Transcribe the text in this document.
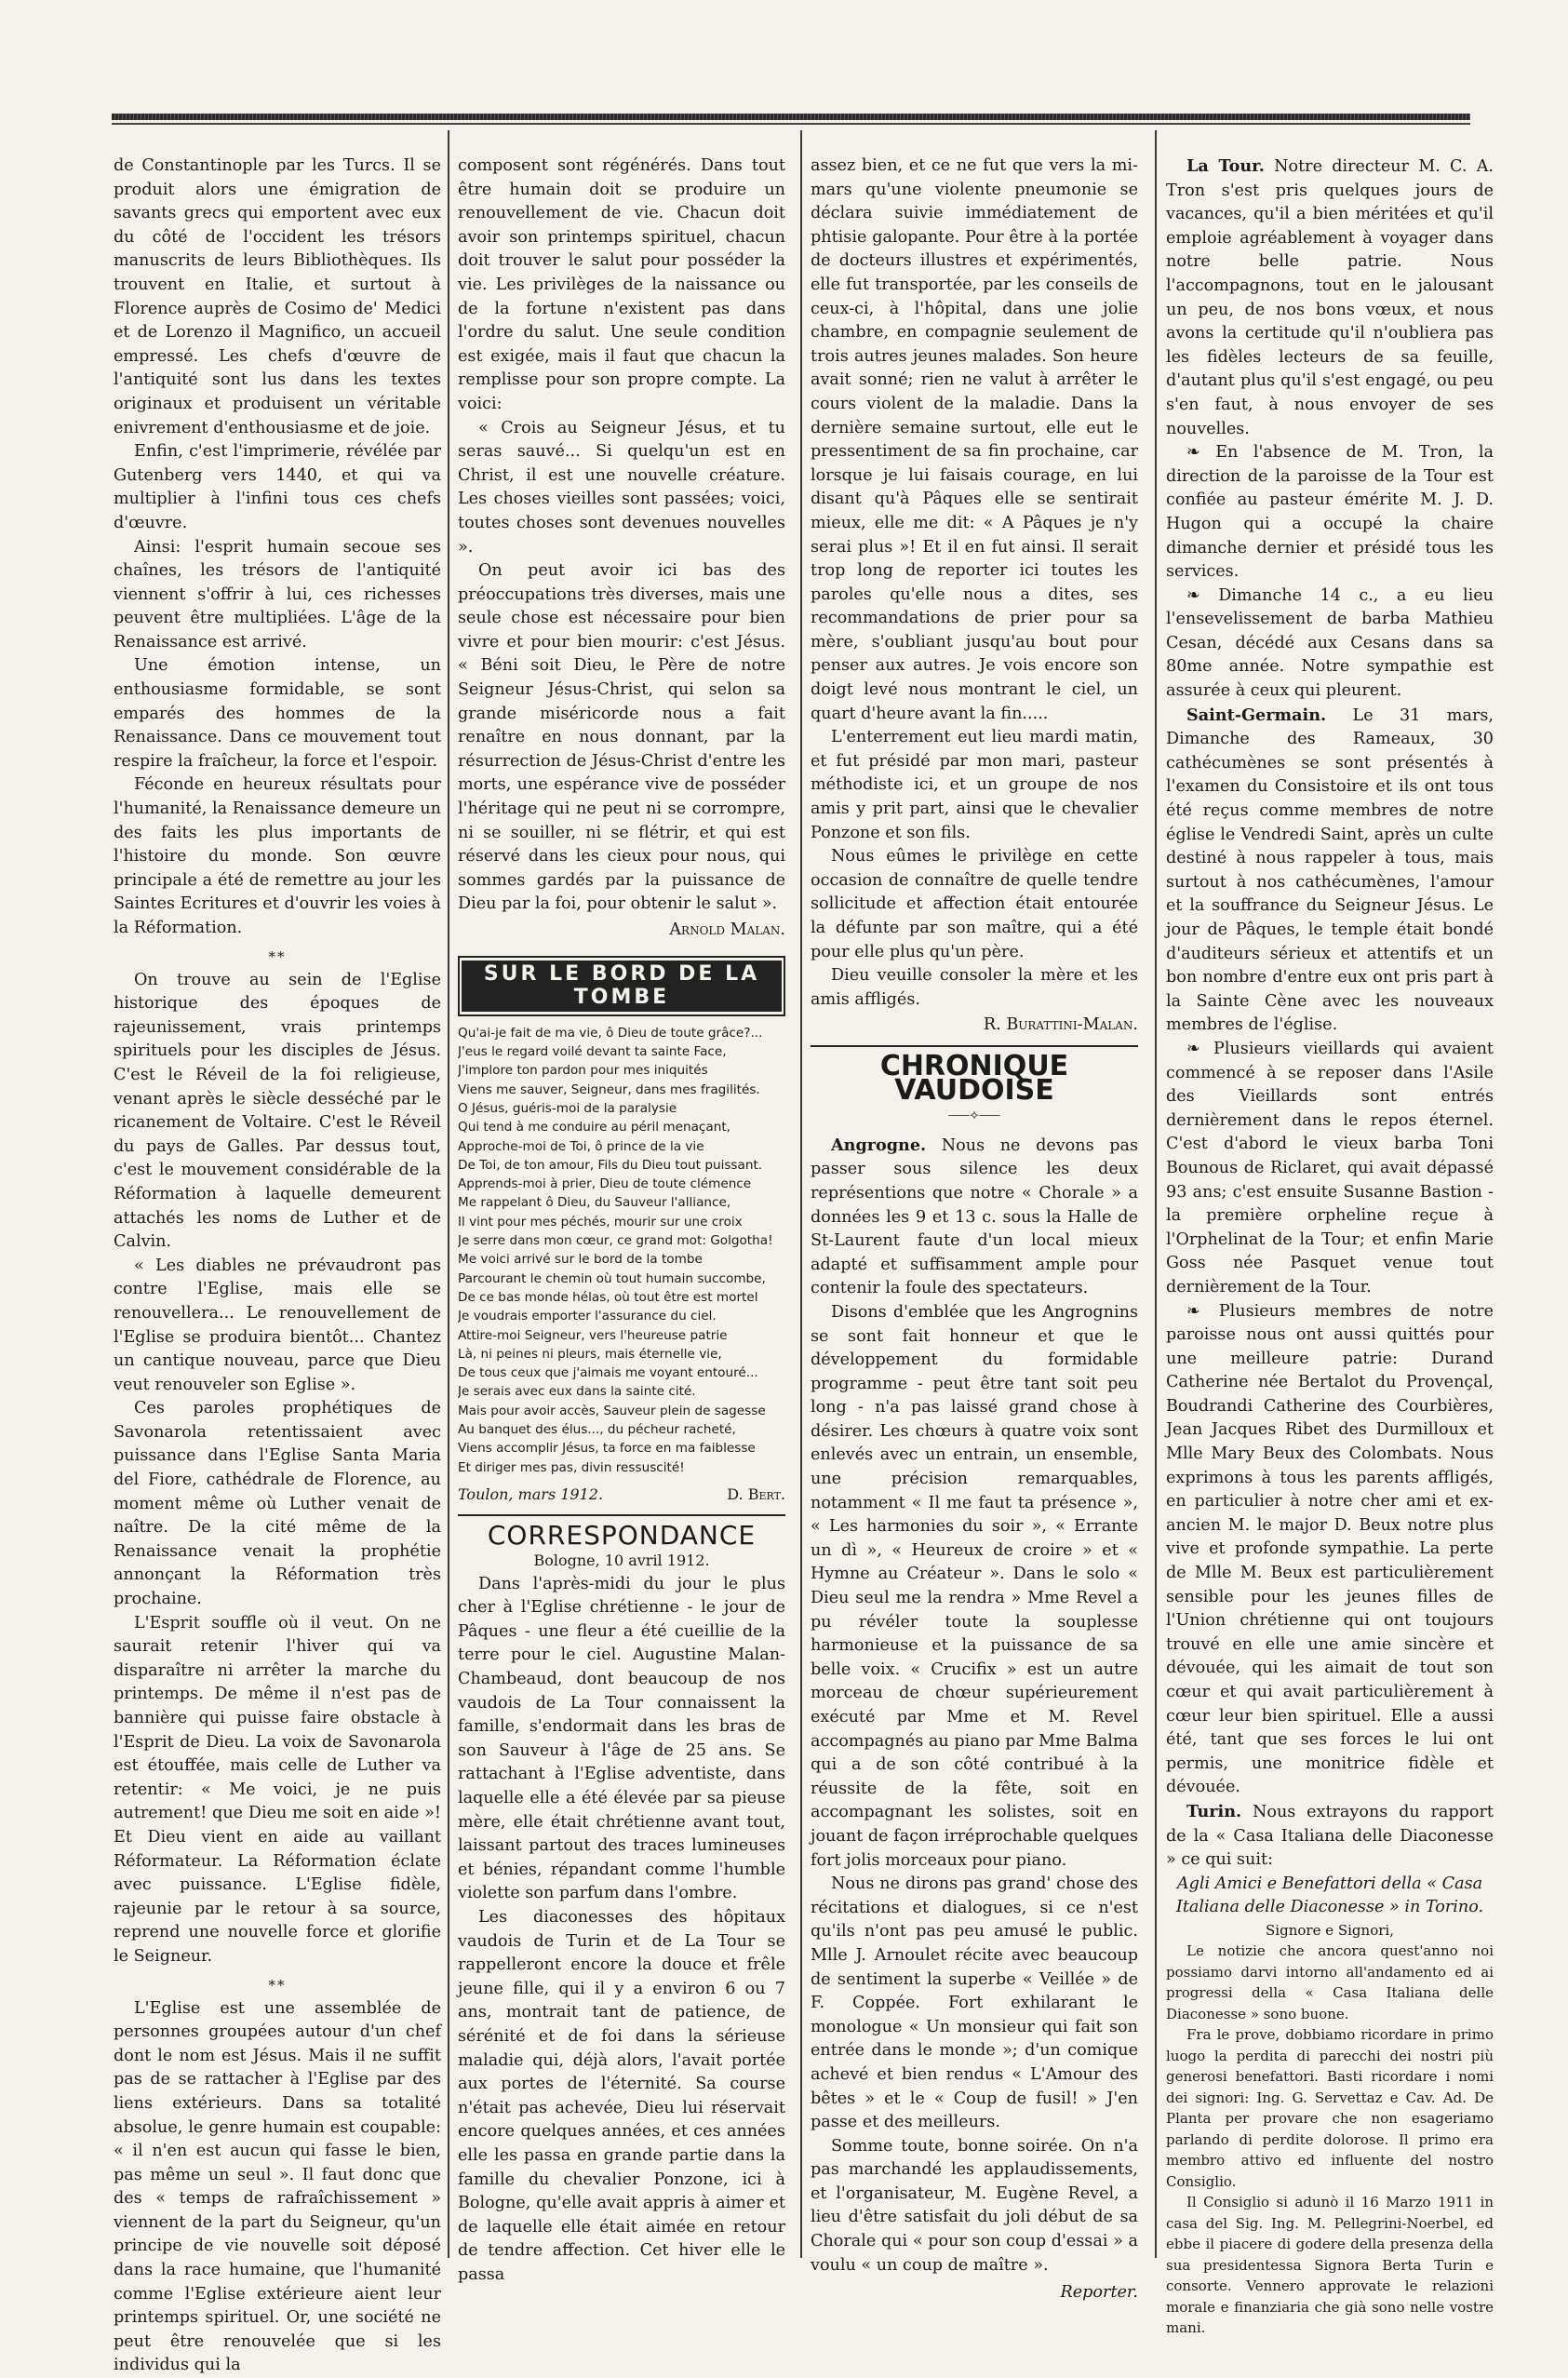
de Constantinople par les Turcs. Il se produit alors une émigration de savants grecs qui emportent avec eux du côté de l'occident les trésors manuscrits de leurs Bibliothèques. Ils trouvent en Italie, et surtout à Florence auprès de Cosimo de' Medici et de Lorenzo il Magnifico, un accueil empressé. Les chefs d'œuvre de l'antiquité sont lus dans les textes originaux et produisent un véritable enivrement d'enthousiasme et de joie.

Enfin, c'est l'imprimerie, révélée par Gutenberg vers 1440, et qui va multiplier à l'infini tous ces chefs d'œuvre.

Ainsi: l'esprit humain secoue ses chaînes, les trésors de l'antiquité viennent s'offrir à lui, ces richesses peuvent être multipliées. L'âge de la Renaissance est arrivé.

Une émotion intense, un enthousiasme formidable, se sont emparés des hommes de la Renaissance. Dans ce mouvement tout respire la fraîcheur, la force et l'espoir.

Féconde en heureux résultats pour l'humanité, la Renaissance demeure un des faits les plus importants de l'histoire du monde. Son œuvre principale a été de remettre au jour les Saintes Ecritures et d'ouvrir les voies à la Réformation.

**

On trouve au sein de l'Eglise historique des époques de rajeunissement, vrais printemps spirituels pour les disciples de Jésus. C'est le Réveil de la foi religieuse, venant après le siècle desséché par le ricanement de Voltaire. C'est le Réveil du pays de Galles. Par dessus tout, c'est le mouvement considérable de la Réformation à laquelle demeurent attachés les noms de Luther et de Calvin.

« Les diables ne prévaudront pas contre l'Eglise, mais elle se renouvellera... Le renouvellement de l'Eglise se produira bientôt... Chantez un cantique nouveau, parce que Dieu veut renouveler son Eglise ».

Ces paroles prophétiques de Savonarola retentissaient avec puissance dans l'Eglise Santa Maria del Fiore, cathédrale de Florence, au moment même où Luther venait de naître. De la cité même de la Renaissance venait la prophétie annonçant la Réformation très prochaine.

L'Esprit souffle où il veut. On ne saurait retenir l'hiver qui va disparaître ni arrêter la marche du printemps. De même il n'est pas de bannière qui puisse faire obstacle à l'Esprit de Dieu. La voix de Savonarola est étouffée, mais celle de Luther va retentir: « Me voici, je ne puis autrement! que Dieu me soit en aide »! Et Dieu vient en aide au vaillant Réformateur. La Réformation éclate avec puissance. L'Eglise fidèle, rajeunie par le retour à sa source, reprend une nouvelle force et glorifie le Seigneur.

**

L'Eglise est une assemblée de personnes groupées autour d'un chef dont le nom est Jésus. Mais il ne suffit pas de se rattacher à l'Eglise par des liens extérieurs. Dans sa totalité absolue, le genre humain est coupable: « il n'en est aucun qui fasse le bien, pas même un seul ». Il faut donc que des « temps de rafraîchissement » viennent de la part du Seigneur, qu'un principe de vie nouvelle soit déposé dans la race humaine, que l'humanité comme l'Eglise extérieure aient leur printemps spirituel. Or, une société ne peut être renouvelée que si les individus qui la

composent sont régénérés. Dans tout être humain doit se produire un renouvellement de vie. Chacun doit avoir son printemps spirituel, chacun doit trouver le salut pour posséder la vie. Les privilèges de la naissance ou de la fortune n'existent pas dans l'ordre du salut. Une seule condition est exigée, mais il faut que chacun la remplisse pour son propre compte. La voici:

« Crois au Seigneur Jésus, et tu seras sauvé... Si quelqu'un est en Christ, il est une nouvelle créature. Les choses vieilles sont passées; voici, toutes choses sont devenues nouvelles ».

On peut avoir ici bas des préoccupations très diverses, mais une seule chose est nécessaire pour bien vivre et pour bien mourir: c'est Jésus. « Béni soit Dieu, le Père de notre Seigneur Jésus-Christ, qui selon sa grande miséricorde nous a fait renaître en nous donnant, par la résurrection de Jésus-Christ d'entre les morts, une espérance vive de posséder l'héritage qui ne peut ni se corrompre, ni se souiller, ni se flétrir, et qui est réservé dans les cieux pour nous, qui sommes gardés par la puissance de Dieu par la foi, pour obtenir le salut ».

Arnold Malan.
SUR LE BORD DE LA TOMBE
Qu'ai-je fait de ma vie, ô Dieu de toute grâce?...
J'eus le regard voilé devant ta sainte Face,
J'implore ton pardon pour mes iniquités
Viens me sauver, Seigneur, dans mes fragilités.
O Jésus, guéris-moi de la paralysie
Qui tend à me conduire au péril menaçant,
Approche-moi de Toi, ô prince de la vie
De Toi, de ton amour, Fils du Dieu tout puissant.
Apprends-moi à prier, Dieu de toute clémence
Me rappelant ô Dieu, du Sauveur l'alliance,
Il vint pour mes péchés, mourir sur une croix
Je serre dans mon cœur, ce grand mot: Golgotha!
Me voici arrivé sur le bord de la tombe
Parcourant le chemin où tout humain succombe,
De ce bas monde hélas, où tout être est mortel
Je voudrais emporter l'assurance du ciel.
Attire-moi Seigneur, vers l'heureuse patrie
Là, ni peines ni pleurs, mais éternelle vie,
De tous ceux que j'aimais me voyant entouré...
Je serais avec eux dans la sainte cité.
Mais pour avoir accès, Sauveur plein de sagesse
Au banquet des élus..., du pécheur racheté,
Viens accomplir Jésus, ta force en ma faiblesse
Et diriger mes pas, divin ressuscité!
Toulon, mars 1912.	D. Bert.
CORRESPONDANCE
Bologne, 10 avril 1912.

Dans l'après-midi du jour le plus cher à l'Eglise chrétienne - le jour de Pâques - une fleur a été cueillie de la terre pour le ciel. Augustine Malan-Chambeaud, dont beaucoup de nos vaudois de La Tour connaissent la famille, s'endormait dans les bras de son Sauveur à l'âge de 25 ans. Se rattachant à l'Eglise adventiste, dans laquelle elle a été élevée par sa pieuse mère, elle était chrétienne avant tout, laissant partout des traces lumineuses et bénies, répandant comme l'humble violette son parfum dans l'ombre.

Les diaconesses des hôpitaux vaudois de Turin et de La Tour se rappelleront encore la douce et frêle jeune fille, qui il y a environ 6 ou 7 ans, montrait tant de patience, de sérénité et de foi dans la sérieuse maladie qui, déjà alors, l'avait portée aux portes de l'éternité. Sa course n'était pas achevée, Dieu lui réservait encore quelques années, et ces années elle les passa en grande partie dans la famille du chevalier Ponzone, ici à Bologne, qu'elle avait appris à aimer et de laquelle elle était aimée en retour de tendre affection. Cet hiver elle le passa

assez bien, et ce ne fut que vers la mi-mars qu'une violente pneumonie se déclara suivie immédiatement de phtisie galopante. Pour être à la portée de docteurs illustres et expérimentés, elle fut transportée, par les conseils de ceux-ci, à l'hôpital, dans une jolie chambre, en compagnie seulement de trois autres jeunes malades. Son heure avait sonné; rien ne valut à arrêter le cours violent de la maladie. Dans la dernière semaine surtout, elle eut le pressentiment de sa fin prochaine, car lorsque je lui faisais courage, en lui disant qu'à Pâques elle se sentirait mieux, elle me dit: « A Pâques je n'y serai plus »! Et il en fut ainsi. Il serait trop long de reporter ici toutes les paroles qu'elle nous a dites, ses recommandations de prier pour sa mère, s'oubliant jusqu'au bout pour penser aux autres. Je vois encore son doigt levé nous montrant le ciel, un quart d'heure avant la fin.....

L'enterrement eut lieu mardi matin, et fut présidé par mon mari, pasteur méthodiste ici, et un groupe de nos amis y prit part, ainsi que le chevalier Ponzone et son fils.

Nous eûmes le privilège en cette occasion de connaître de quelle tendre sollicitude et affection était entourée la défunte par son maître, qui a été pour elle plus qu'un père.

Dieu veuille consoler la mère et les amis affligés.

R. Burattini-Malan.
CHRONIQUE VAUDOISE
⸺⟡⸺

Angrogne. Nous ne devons pas passer sous silence les deux représentions que notre « Chorale » a données les 9 et 13 c. sous la Halle de St-Laurent faute d'un local mieux adapté et suffisamment ample pour contenir la foule des spectateurs.

Disons d'emblée que les Angrognins se sont fait honneur et que le développement du formidable programme - peut être tant soit peu long - n'a pas laissé grand chose à désirer. Les chœurs à quatre voix sont enlevés avec un entrain, un ensemble, une précision remarquables, notamment « Il me faut ta présence », « Les harmonies du soir », « Errante un dì », « Heureux de croire » et « Hymne au Créateur ». Dans le solo « Dieu seul me la rendra » Mme Revel a pu révéler toute la souplesse harmonieuse et la puissance de sa belle voix. « Crucifix » est un autre morceau de chœur supérieurement exécuté par Mme et M. Revel accompagnés au piano par Mme Balma qui a de son côté contribué à la réussite de la fête, soit en accompagnant les solistes, soit en jouant de façon irréprochable quelques fort jolis morceaux pour piano.

Nous ne dirons pas grand' chose des récitations et dialogues, si ce n'est qu'ils n'ont pas peu amusé le public. Mlle J. Arnoulet récite avec beaucoup de sentiment la superbe « Veillée » de F. Coppée. Fort exhilarant le monologue « Un monsieur qui fait son entrée dans le monde »; d'un comique achevé et bien rendus « L'Amour des bêtes » et le « Coup de fusil! » J'en passe et des meilleurs.

Somme toute, bonne soirée. On n'a pas marchandé les applaudissements, et l'organisateur, M. Eugène Revel, a lieu d'être satisfait du joli début de sa Chorale qui « pour son coup d'essai » a voulu « un coup de maître ».

Reporter.

La Tour. Notre directeur M. C. A. Tron s'est pris quelques jours de vacances, qu'il a bien méritées et qu'il emploie agréablement à voyager dans notre belle patrie. Nous l'accompagnons, tout en le jalousant un peu, de nos bons vœux, et nous avons la certitude qu'il n'oubliera pas les fidèles lecteurs de sa feuille, d'autant plus qu'il s'est engagé, ou peu s'en faut, à nous envoyer de ses nouvelles.

❧ En l'absence de M. Tron, la direction de la paroisse de la Tour est confiée au pasteur émérite M. J. D. Hugon qui a occupé la chaire dimanche dernier et présidé tous les services.

❧ Dimanche 14 c., a eu lieu l'ensevelissement de barba Mathieu Cesan, décédé aux Cesans dans sa 80me année. Notre sympathie est assurée à ceux qui pleurent.

Saint-Germain. Le 31 mars, Dimanche des Rameaux, 30 cathécumènes se sont présentés à l'examen du Consistoire et ils ont tous été reçus comme membres de notre église le Vendredi Saint, après un culte destiné à nous rappeler à tous, mais surtout à nos cathécumènes, l'amour et la souffrance du Seigneur Jésus. Le jour de Pâques, le temple était bondé d'auditeurs sérieux et attentifs et un bon nombre d'entre eux ont pris part à la Sainte Cène avec les nouveaux membres de l'église.

❧ Plusieurs vieillards qui avaient commencé à se reposer dans l'Asile des Vieillards sont entrés dernièrement dans le repos éternel. C'est d'abord le vieux barba Toni Bounous de Riclaret, qui avait dépassé 93 ans; c'est ensuite Susanne Bastion - la première orpheline reçue à l'Orphelinat de la Tour; et enfin Marie Goss née Pasquet venue tout dernièrement de la Tour.

❧ Plusieurs membres de notre paroisse nous ont aussi quittés pour une meilleure patrie: Durand Catherine née Bertalot du Provençal, Boudrandi Catherine des Courbières, Jean Jacques Ribet des Durmilloux et Mlle Mary Beux des Colombats. Nous exprimons à tous les parents affligés, en particulier à notre cher ami et ex-ancien M. le major D. Beux notre plus vive et profonde sympathie. La perte de Mlle M. Beux est particulièrement sensible pour les jeunes filles de l'Union chrétienne qui ont toujours trouvé en elle une amie sincère et dévouée, qui les aimait de tout son cœur et qui avait particulièrement à cœur leur bien spirituel. Elle a aussi été, tant que ses forces le lui ont permis, une monitrice fidèle et dévouée.

Turin. Nous extrayons du rapport de la « Casa Italiana delle Diaconesse » ce qui suit:

Agli Amici e Benefattori della « Casa Italiana delle Diaconesse » in Torino.

Signore e Signori,

Le notizie che ancora quest'anno noi possiamo darvi intorno all'andamento ed ai progressi della « Casa Italiana delle Diaconesse » sono buone.

Fra le prove, dobbiamo ricordare in primo luogo la perdita di parecchi dei nostri più generosi benefattori. Basti ricordare i nomi dei signori: Ing. G. Servettaz e Cav. Ad. De Planta per provare che non esageriamo parlando di perdite dolorose. Il primo era membro attivo ed influente del nostro Consiglio.

Il Consiglio si adunò il 16 Marzo 1911 in casa del Sig. Ing. M. Pellegrini-Noerbel, ed ebbe il piacere di godere della presenza della sua presidentessa Signora Berta Turin e consorte. Vennero approvate le relazioni morale e finanziaria che già sono nelle vostre mani.
